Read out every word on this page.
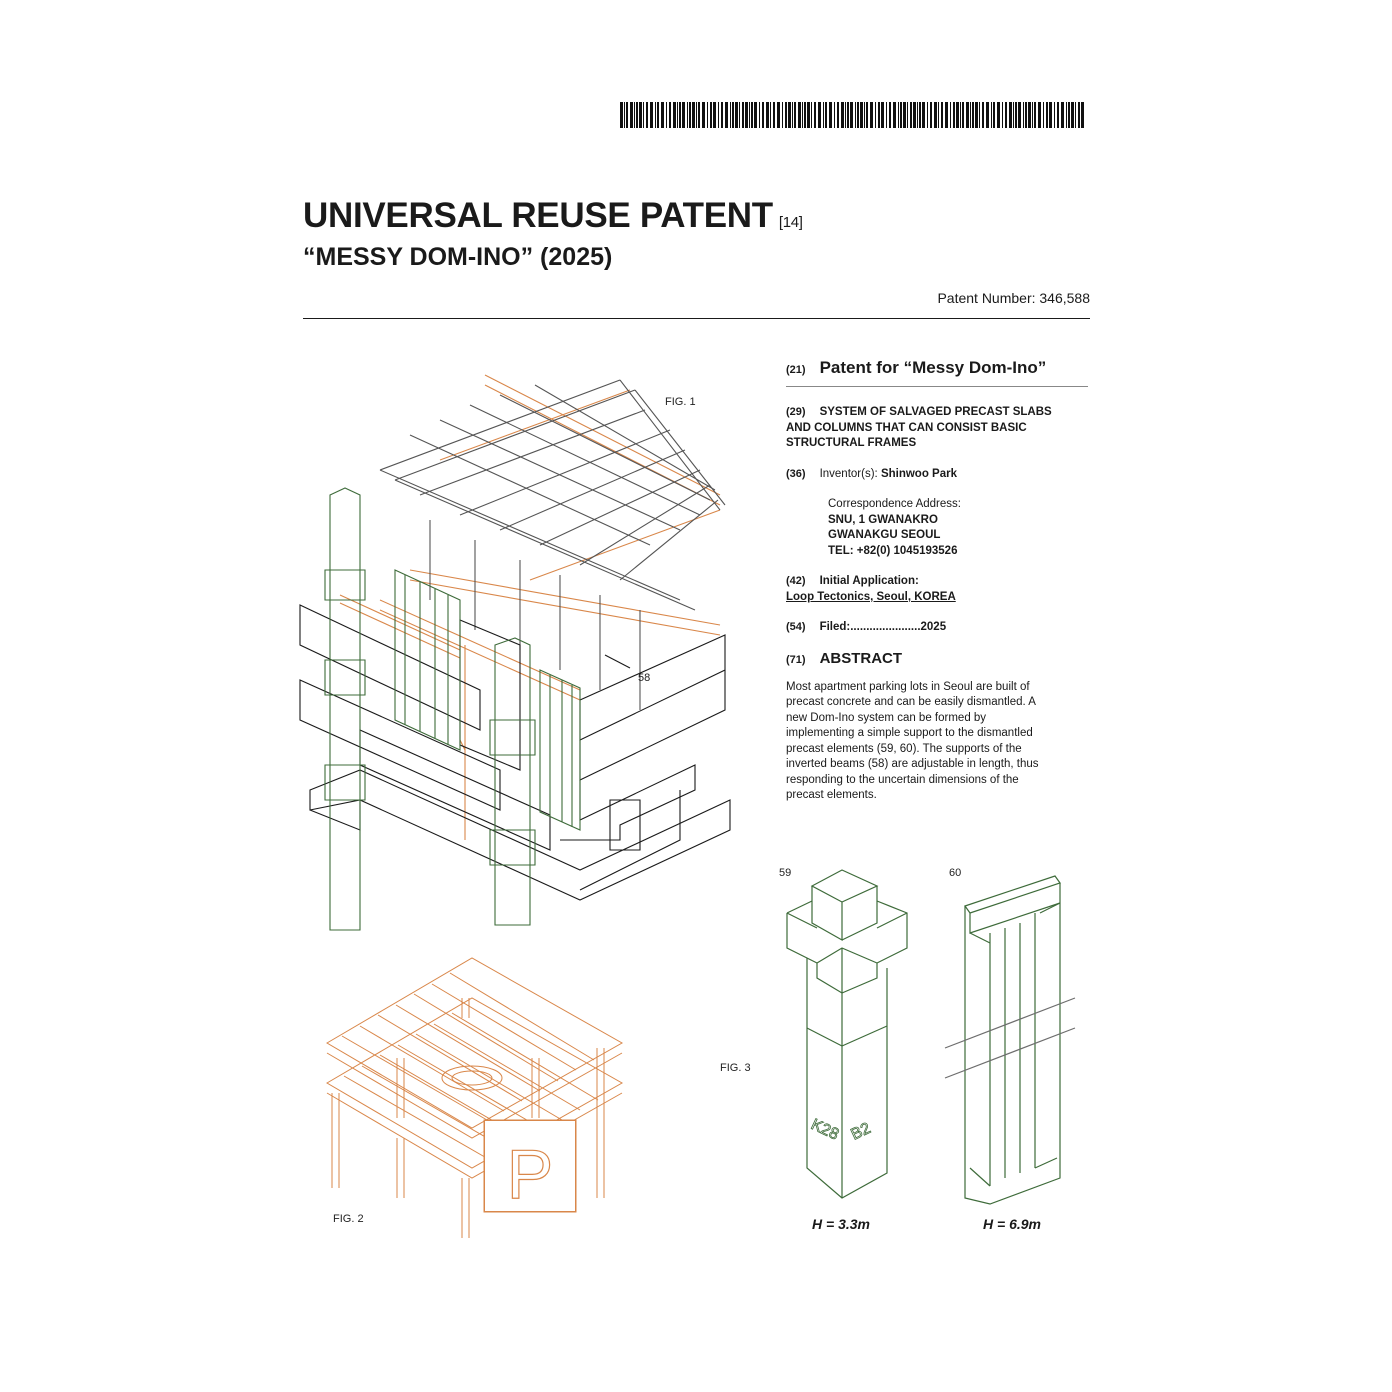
UNIVERSAL REUSE PATENT [14]
“MESSY DOM-INO” (2025)
Patent Number: 346,588
FIG. 1
58
P
FIG. 2
(21) Patent for “Messy Dom-Ino”
(29) SYSTEM OF SALVAGED PRECAST SLABS
AND COLUMNS THAT CAN CONSIST BASIC
STRUCTURAL FRAMES
(36) Inventor(s): Shinwoo Park
Correspondence Address:
SNU, 1 GWANAKRO
GWANAKGU SEOUL
TEL: +82(0) 1045193526
(42) Initial Application:
Loop Tectonics, Seoul, KOREA
(54) Filed:......................2025
(71) ABSTRACT
Most apartment parking lots in Seoul are built of
precast concrete and can be easily dismantled. A
new Dom-Ino system can be formed by
implementing a simple support to the dismantled
precast elements (59, 60). The supports of the
inverted beams (58) are adjustable in length, thus
responding to the uncertain dimensions of the
precast elements.
59	60
FIG. 3
K28 B2
H = 3.3m	H = 6.9m
